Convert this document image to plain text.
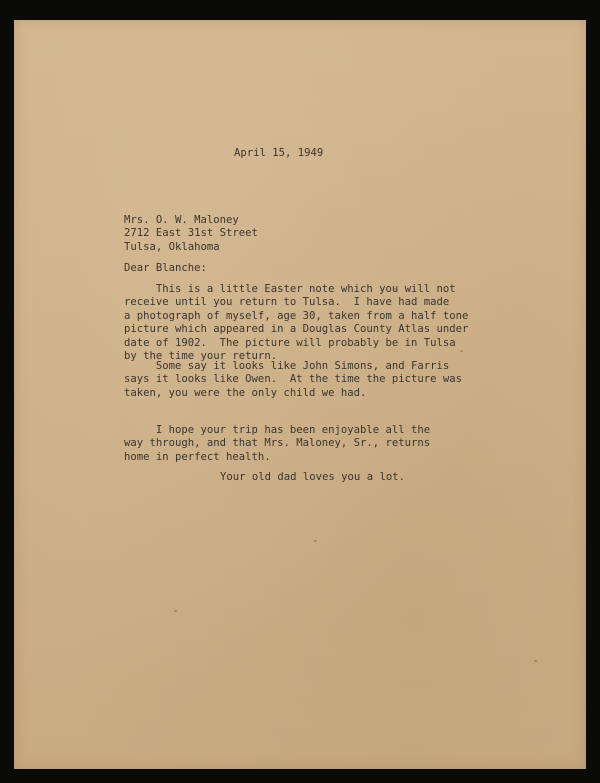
April 15, 1949
Mrs. O. W. Maloney
2712 East 31st Street
Tulsa, Oklahoma
Dear Blanche:
This is a little Easter note which you will not
receive until you return to Tulsa.  I have had made
a photograph of myself, age 30, taken from a half tone
picture which appeared in a Douglas County Atlas under
date of 1902.  The picture will probably be in Tulsa
by the time your return.
Some say it looks like John Simons, and Farris
says it looks like Owen.  At the time the picture was
taken, you were the only child we had.
I hope your trip has been enjoyable all the
way through, and that Mrs. Maloney, Sr., returns
home in perfect health.
Your old dad loves you a lot.
